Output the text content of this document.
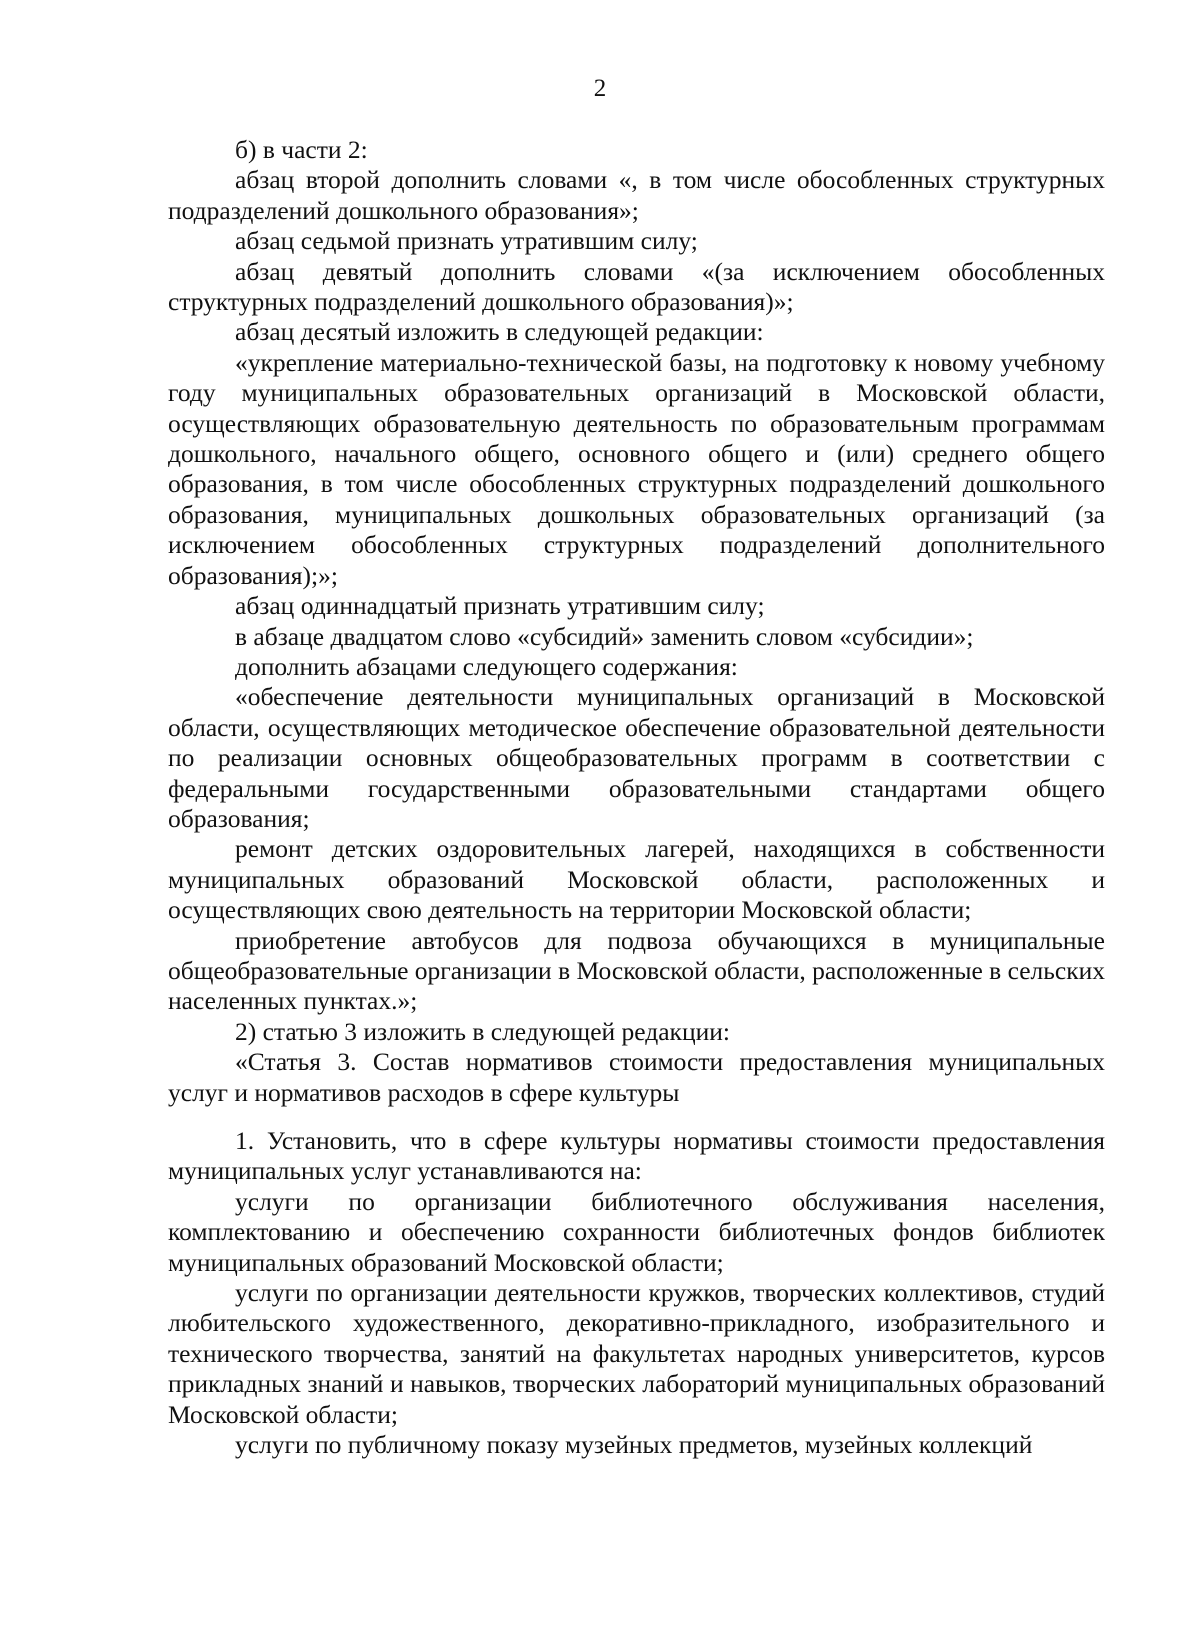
2

б) в части 2:

абзац второй дополнить словами «, в том числе обособленных структурных подразделений дошкольного образования»;

абзац седьмой признать утратившим силу;

абзац девятый дополнить словами «(за исключением обособленных структурных подразделений дошкольного образования)»;

абзац десятый изложить в следующей редакции:

«укрепление материально-технической базы, на подготовку к новому учебному году муниципальных образовательных организаций в Московской области, осуществляющих образовательную деятельность по образовательным программам дошкольного, начального общего, основного общего и (или) среднего общего образования, в том числе обособленных структурных подразделений дошкольного образования, муниципальных дошкольных образовательных организаций (за исключением обособленных структурных подразделений дополнительного образования);»;

абзац одиннадцатый признать утратившим силу;

в абзаце двадцатом слово «субсидий» заменить словом «субсидии»;

дополнить абзацами следующего содержания:

«обеспечение деятельности муниципальных организаций в Московской области, осуществляющих методическое обеспечение образовательной деятельности по реализации основных общеобразовательных программ в соответствии с федеральными государственными образовательными стандартами общего образования;

ремонт детских оздоровительных лагерей, находящихся в собственности муниципальных образований Московской области, расположенных и осуществляющих свою деятельность на территории Московской области;

приобретение автобусов для подвоза обучающихся в муниципальные общеобразовательные организации в Московской области, расположенные в сельских населенных пунктах.»;

2) статью 3 изложить в следующей редакции:

«Статья 3. Состав нормативов стоимости предоставления муниципальных услуг и нормативов расходов в сфере культуры

1. Установить, что в сфере культуры нормативы стоимости предоставления муниципальных услуг устанавливаются на:

услуги по организации библиотечного обслуживания населения, комплектованию и обеспечению сохранности библиотечных фондов библиотек муниципальных образований Московской области;

услуги по организации деятельности кружков, творческих коллективов, студий любительского художественного, декоративно-прикладного, изобразительного и технического творчества, занятий на факультетах народных университетов, курсов прикладных знаний и навыков, творческих лабораторий муниципальных образований Московской области;

услуги по публичному показу музейных предметов, музейных коллекций
